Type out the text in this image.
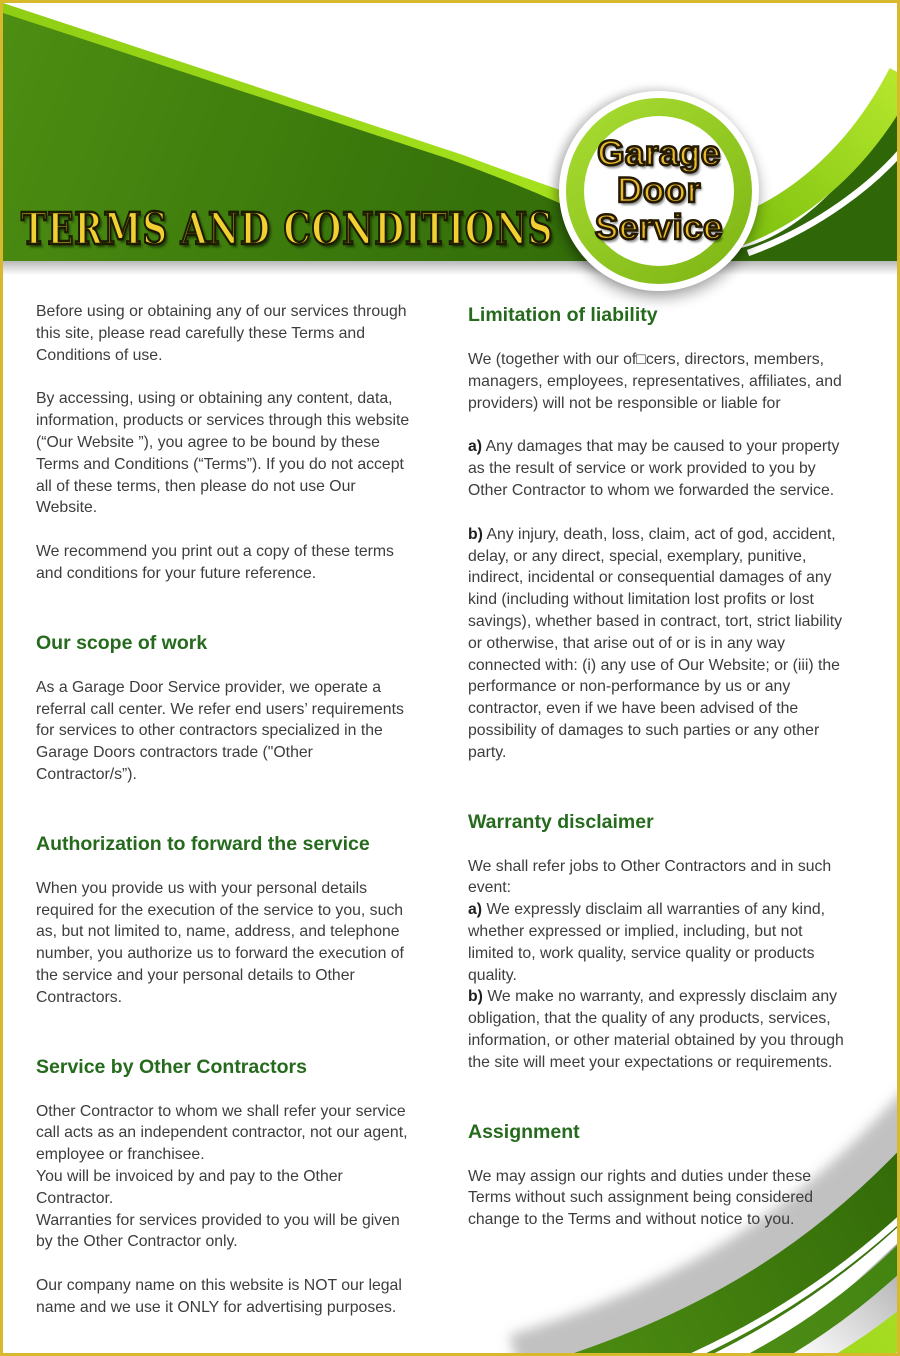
TERMS AND CONDITIONS
Garage
Door
Service

Before using or obtaining any of our services through this site, please read carefully these Terms and Conditions of use.

By accessing, using or obtaining any content, data, information, products or services through this website (“Our Website ”), you agree to be bound by these Terms and Conditions (“Terms”). If you do not accept all of these terms, then please do not use Our Website.

We recommend you print out a copy of these terms and conditions for your future reference.

Our scope of work

As a Garage Door Service provider, we operate a referral call center. We refer end users’ requirements for services to other contractors specialized in the Garage Doors contractors trade ("Other Contractor/s”).

Authorization to forward the service

When you provide us with your personal details required for the execution of the service to you, such as, but not limited to, name, address, and telephone number, you authorize us to forward the execution of the service and your personal details to Other Contractors.

Service by Other Contractors

Other Contractor to whom we shall refer your service call acts as an independent contractor, not our agent, employee or franchisee.

You will be invoiced by and pay to the Other Contractor.

Warranties for services provided to you will be given by the Other Contractor only.

Our company name on this website is NOT our legal name and we use it ONLY for advertising purposes.

Limitation of liability

We (together with our of□cers, directors, members, managers, employees, representatives, affiliates, and providers) will not be responsible or liable for

a) Any damages that may be caused to your property as the result of service or work provided to you by Other Contractor to whom we forwarded the service.

b) Any injury, death, loss, claim, act of god, accident, delay, or any direct, special, exemplary, punitive, indirect, incidental or consequential damages of any kind (including without limitation lost profits or lost savings), whether based in contract, tort, strict liability or otherwise, that arise out of or is in any way connected with: (i) any use of Our Website; or (iii) the performance or non-performance by us or any contractor, even if we have been advised of the possibility of damages to such parties or any other party.

Warranty disclaimer

We shall refer jobs to Other Contractors and in such event:

a) We expressly disclaim all warranties of any kind, whether expressed or implied, including, but not limited to, work quality, service quality or products quality.

b) We make no warranty, and expressly disclaim any obligation, that the quality of any products, services, information, or other material obtained by you through the site will meet your expectations or requirements.

Assignment

We may assign our rights and duties under these Terms without such assignment being considered change to the Terms and without notice to you.
